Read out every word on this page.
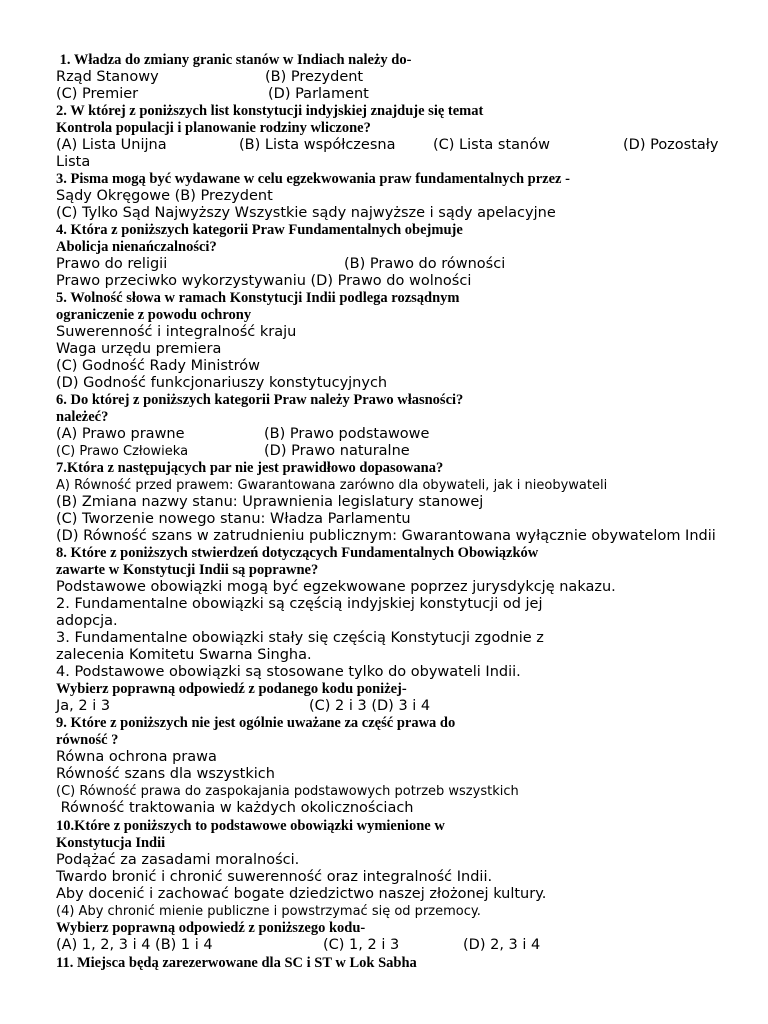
1. Władza do zmiany granic stanów w Indiach należy do-
Rząd Stanowy	(B) Prezydent
(C) Premier	(D) Parlament
2. W której z poniższych list konstytucji indyjskiej znajduje się temat
Kontrola populacji i planowanie rodziny wliczone?
(A) Lista Unijna	(B) Lista współczesna	(C) Lista stanów	(D) Pozostały
Lista
3. Pisma mogą być wydawane w celu egzekwowania praw fundamentalnych przez -
Sądy Okręgowe (B) Prezydent
(C) Tylko Sąd Najwyższy Wszystkie sądy najwyższe i sądy apelacyjne
4. Która z poniższych kategorii Praw Fundamentalnych obejmuje
Abolicja nienańczalności?
Prawo do religii	(B) Prawo do równości
Prawo przeciwko wykorzystywaniu (D) Prawo do wolności
5. Wolność słowa w ramach Konstytucji Indii podlega rozsądnym
ograniczenie z powodu ochrony
Suwerenność i integralność kraju
Waga urzędu premiera
(C) Godność Rady Ministrów
(D) Godność funkcjonariuszy konstytucyjnych
6. Do której z poniższych kategorii Praw należy Prawo własności?
należeć?
(A) Prawo prawne	(B) Prawo podstawowe
(C) Prawo Człowieka	(D) Prawo naturalne
7.Która z następujących par nie jest prawidłowo dopasowana?
A) Równość przed prawem: Gwarantowana zarówno dla obywateli, jak i nieobywateli
(B) Zmiana nazwy stanu: Uprawnienia legislatury stanowej
(C) Tworzenie nowego stanu: Władza Parlamentu
(D) Równość szans w zatrudnieniu publicznym: Gwarantowana wyłącznie obywatelom Indii
8. Które z poniższych stwierdzeń dotyczących Fundamentalnych Obowiązków
zawarte w Konstytucji Indii są poprawne?
Podstawowe obowiązki mogą być egzekwowane poprzez jurysdykcję nakazu.
2. Fundamentalne obowiązki są częścią indyjskiej konstytucji od jej
adopcja.
3. Fundamentalne obowiązki stały się częścią Konstytucji zgodnie z
zalecenia Komitetu Swarna Singha.
4. Podstawowe obowiązki są stosowane tylko do obywateli Indii.
Wybierz poprawną odpowiedź z podanego kodu poniżej-
Ja, 2 i 3	(C) 2 i 3 (D) 3 i 4
9. Które z poniższych nie jest ogólnie uważane za część prawa do
równość ?
Równa ochrona prawa
Równość szans dla wszystkich
(C) Równość prawa do zaspokajania podstawowych potrzeb wszystkich
Równość traktowania w każdych okolicznościach
10.Które z poniższych to podstawowe obowiązki wymienione w
Konstytucja Indii
Podążać za zasadami moralności.
Twardo bronić i chronić suwerenność oraz integralność Indii.
Aby docenić i zachować bogate dziedzictwo naszej złożonej kultury.
(4) Aby chronić mienie publiczne i powstrzymać się od przemocy.
Wybierz poprawną odpowiedź z poniższego kodu-
(A) 1, 2, 3 i 4 (B) 1 i 4	(C) 1, 2 i 3	(D) 2, 3 i 4
11. Miejsca będą zarezerwowane dla SC i ST w Lok Sabha
